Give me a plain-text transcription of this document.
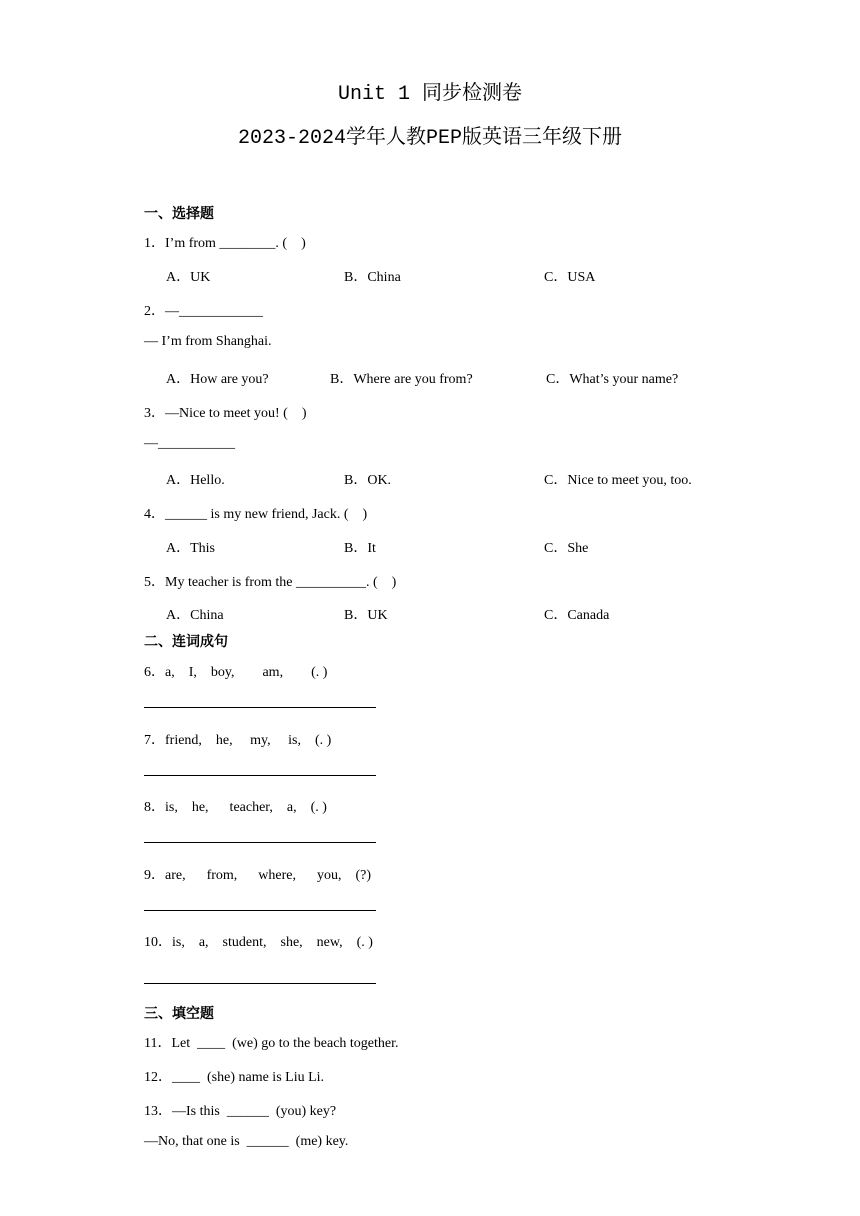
Unit 1 同步检测卷
2023-2024学年人教PEP版英语三年级下册
一、选择题
1．I’m from ________. (    )
A．UK	B．China	C．USA
2．—____________
— I’m from Shanghai.
A．How are you?	B．Where are you from?	C．What’s your name?
3．—Nice to meet you! (    )
—___________
A．Hello.	B．OK.	C．Nice to meet you, too.
4．______ is my new friend, Jack. (    )
A．This	B．It	C．She
5．My teacher is from the __________. (    )
A．China	B．UK	C．Canada
二、连词成句
6．a,    I,    boy,        am,        (. )
7．friend,    he,     my,     is,    (. )
8．is,    he,      teacher,    a,    (. )
9．are,      from,      where,      you,    (?)
10．is,    a,    student,    she,    new,    (. )
三、填空题
11．Let  ____  (we) go to the beach together.
12．____  (she) name is Liu Li.
13．—Is this  ______  (you) key?
—No, that one is  ______  (me) key.
